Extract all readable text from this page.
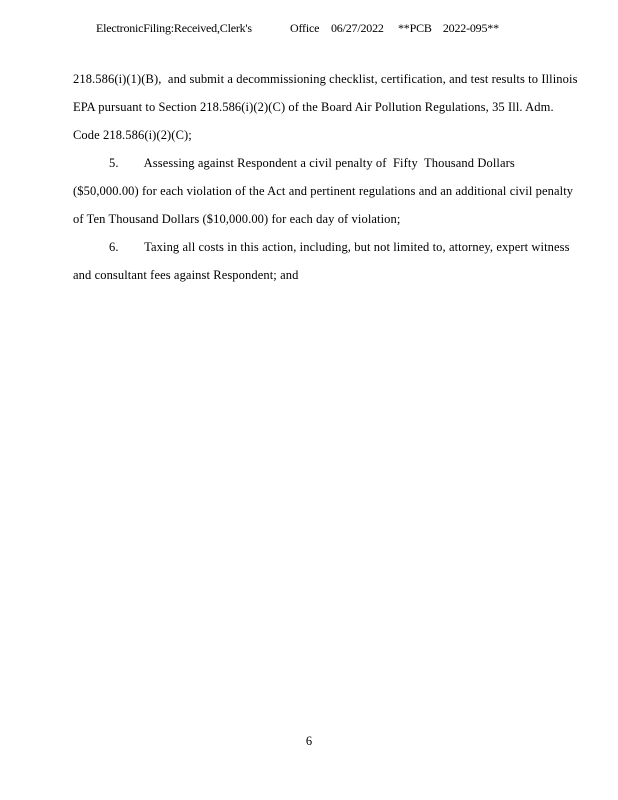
ElectronicFiling:Received,Clerk's	Office 06/27/2022 **PCB    2022-095**
218.586(i)(1)(B),  and submit a decommissioning checklist, certification, and test results to Illinois
EPA pursuant to Section 218.586(i)(2)(C) of the Board Air Pollution Regulations, 35 Ill. Adm.
Code 218.586(i)(2)(C);
5.        Assessing against Respondent a civil penalty of  Fifty  Thousand Dollars
($50,000.00) for each violation of the Act and pertinent regulations and an additional civil penalty
of Ten Thousand Dollars ($10,000.00) for each day of violation;
6.        Taxing all costs in this action, including, but not limited to, attorney, expert witness
and consultant fees against Respondent; and
6
